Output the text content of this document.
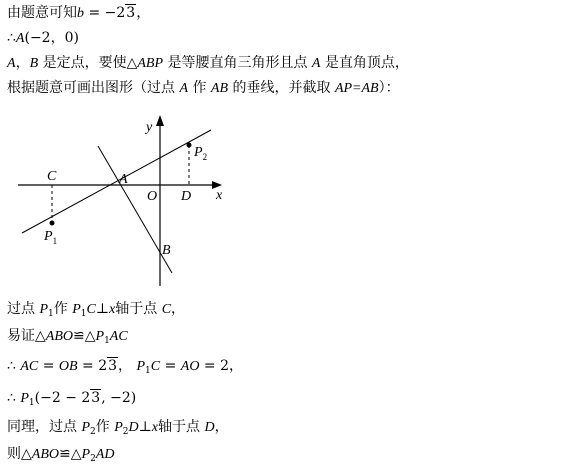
由题意可知b = −23，
∴A(−2，0)
A，B 是定点，要使△ABP 是等腰直角三角形且点 A 是直角顶点，
根据题意可画出图形（过点 A 作 AB 的垂线，并截取 AP=AB）：
y
x
C	A
O D
B
$P_1$
$P_2$
过点 $P_1$作 $P_1C\perp x$轴于点 C，
易证$\triangle ABO≌\triangle P_1AC$
∴ AC = OB = 23， $P_1C$ = AO = 2，
∴ $P_1(-2 - 23$, −2)
同理，过点 $P_2$作 $P_2D\perp x$轴于点 D，
则$\triangle ABO≌\triangle P_2AD$
